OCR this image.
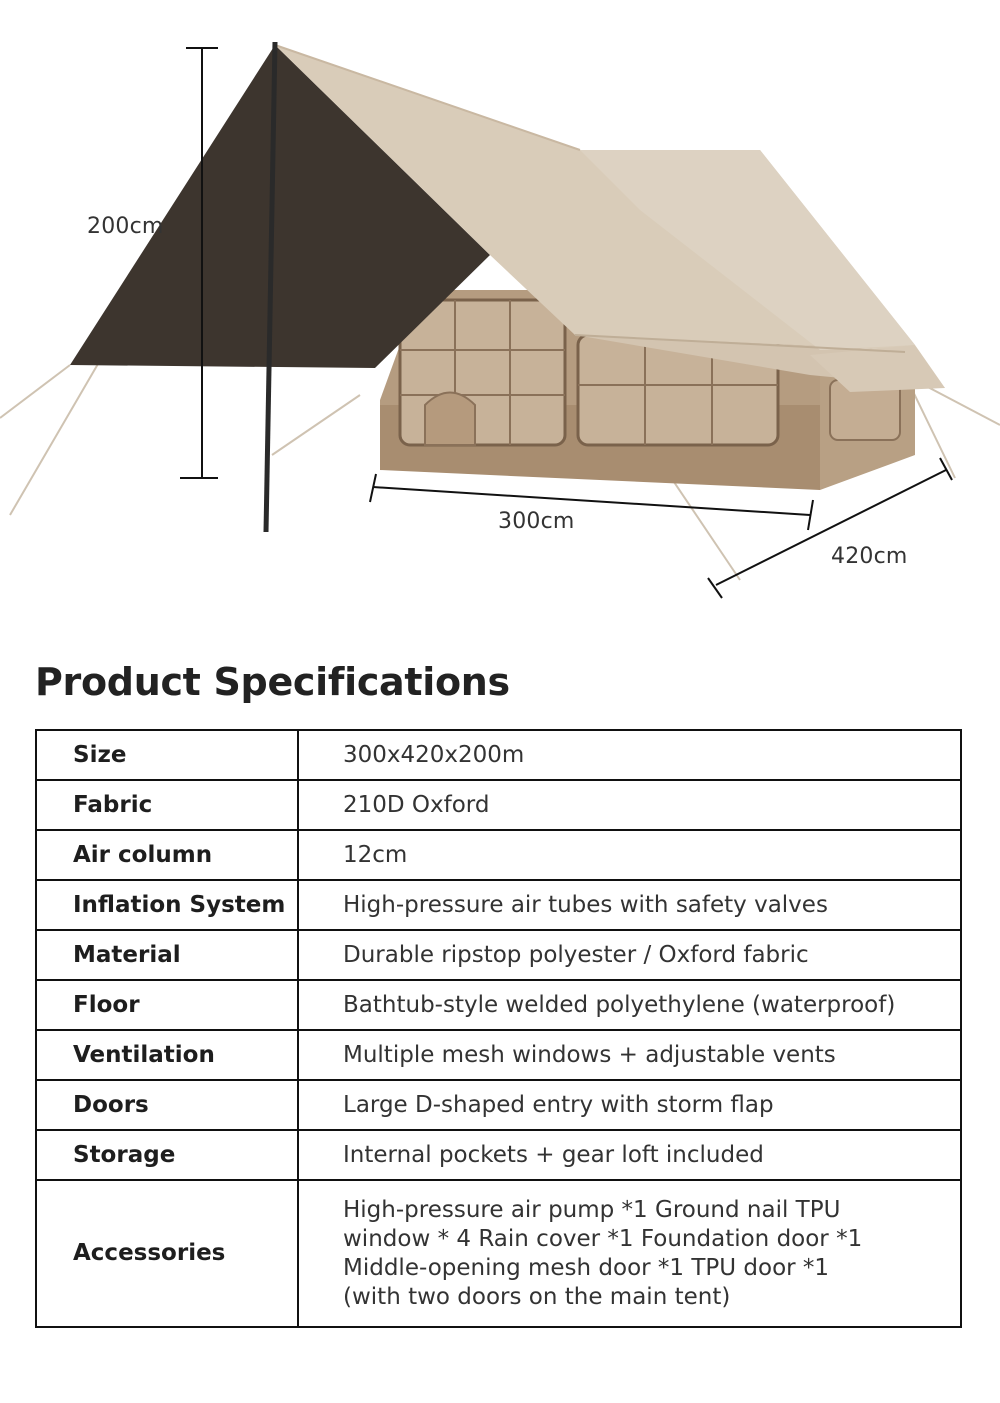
200cm
300cm
420cm
Product Specifications
Size	300x420x200m

Fabric	210D Oxford

Air column	12cm

Inflation System	High-pressure air tubes with safety valves

Material	Durable ripstop polyester / Oxford fabric

Floor	Bathtub-style welded polyethylene (waterproof)

Ventilation	Multiple mesh windows + adjustable vents

Doors	Large D-shaped entry with storm flap

Storage	Internal pockets + gear loft included

Accessories	High-pressure air pump *1 Ground nail TPU
window * 4 Rain cover *1 Foundation door *1
Middle-opening mesh door *1 TPU door *1
(with two doors on the main tent)
